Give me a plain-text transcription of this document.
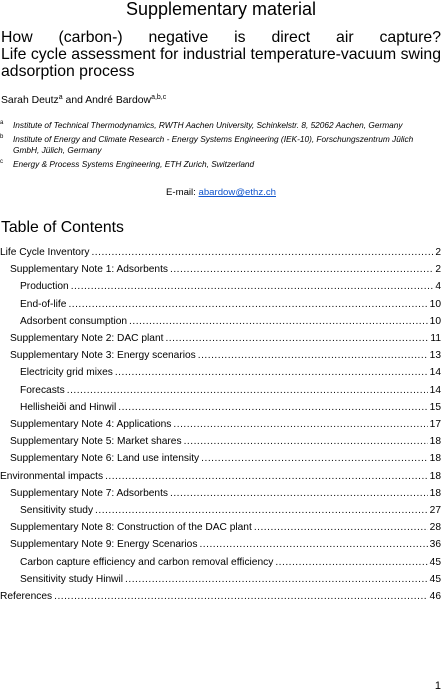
Supplementary material
How (carbon-) negative is direct air capture?
Life cycle assessment for industrial temperature-vacuum swing
adsorption process
Sarah Deutz$^a$ and André Bardow$^{a,b,c}$
a Institute of Technical Thermodynamics, RWTH Aachen University, Schinkelstr. 8, 52062 Aachen, Germany
b Institute of Energy and Climate Research - Energy Systems Engineering (IEK-10), Forschungszentrum Jülich
GmbH, Jülich, Germany
c Energy & Process Systems Engineering, ETH Zurich, Switzerland
E-mail: abardow@ethz.ch
Table of Contents
Life Cycle Inventory .....	2
Supplementary Note 1: Adsorbents .....	2
Production .....	4
End-of-life .....	10
Adsorbent consumption .....	10
Supplementary Note 2: DAC plant .....	11
Supplementary Note 3: Energy scenarios .....	13
Electricity grid mixes .....	14
Forecasts .....	14
Hellisheiði and Hinwil .....	15
Supplementary Note 4: Applications .....	17
Supplementary Note 5: Market shares .....	18
Supplementary Note 6: Land use intensity .....	18
Environmental impacts .....	18
Supplementary Note 7: Adsorbents .....	18
Sensitivity study .....	27
Supplementary Note 8: Construction of the DAC plant .....	28
Supplementary Note 9: Energy Scenarios .....	36
Carbon capture efficiency and carbon removal efficiency .....	45
Sensitivity study Hinwil .....	45
References .....	46
1
